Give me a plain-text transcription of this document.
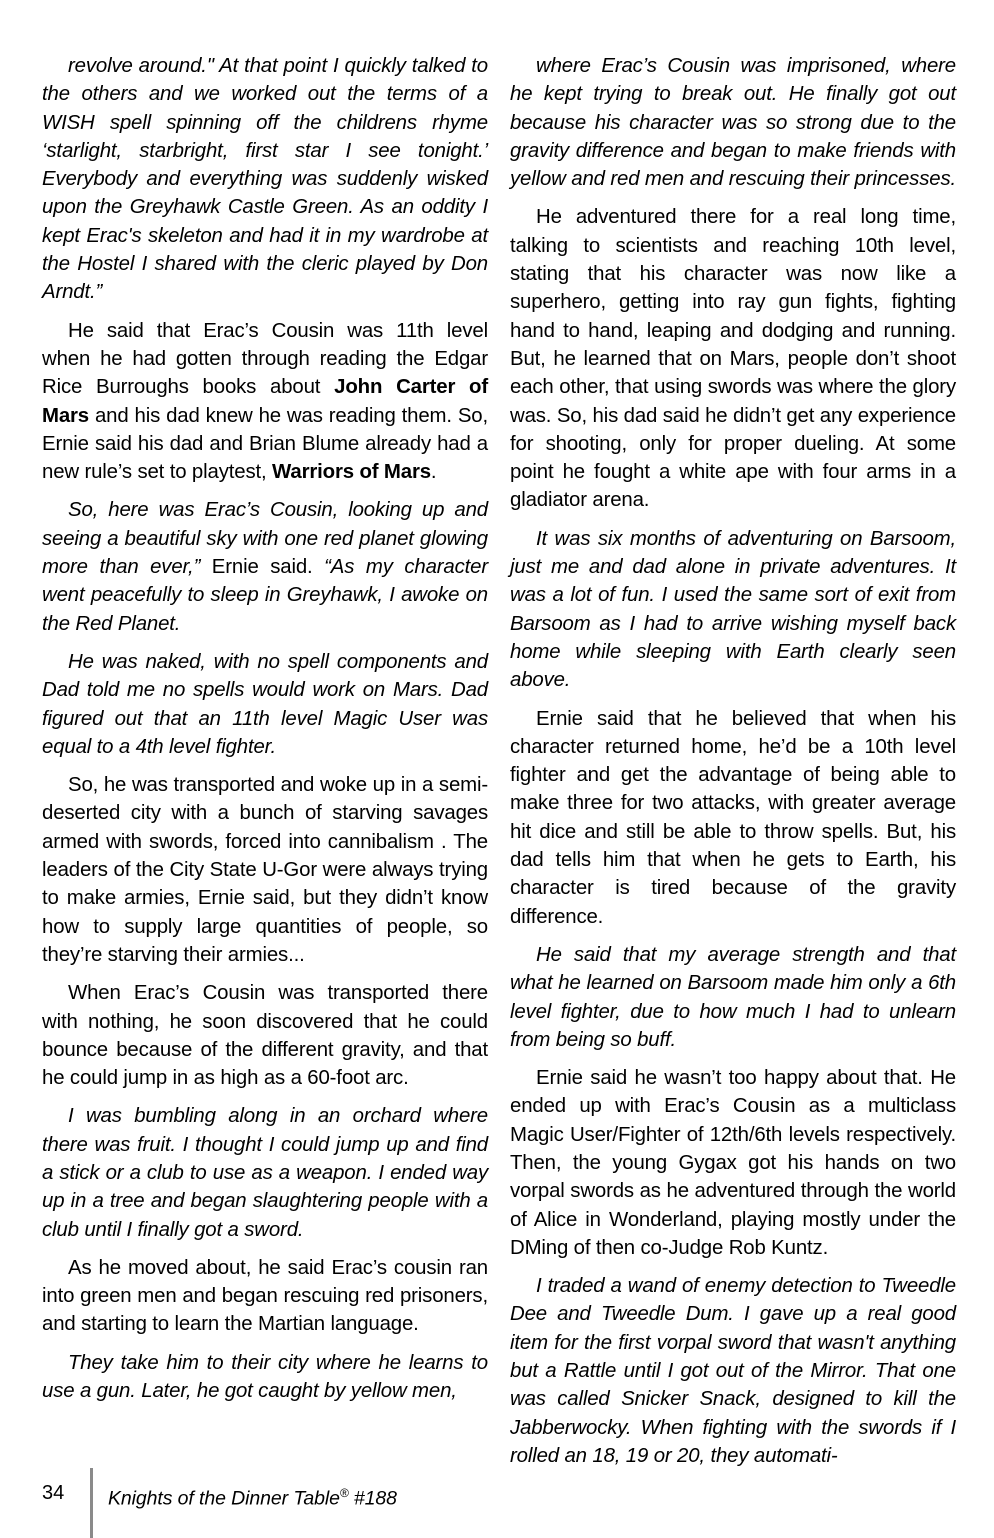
revolve around." At that point I quickly talked to the others and we worked out the terms of a WISH spell spinning off the childrens rhyme ‘starlight, starbright, first star I see tonight.’ Everybody and everything was suddenly wisked upon the Greyhawk Castle Green. As an oddity I kept Erac's skeleton and had it in my wardrobe at the Hostel I shared with the cleric played by Don Arndt.”

He said that Erac’s Cousin was 11th level when he had gotten through reading the Edgar Rice Burroughs books about John Carter of Mars and his dad knew he was reading them. So, Ernie said his dad and Brian Blume already had a new rule’s set to playtest, Warriors of Mars.

So, here was Erac’s Cousin, looking up and seeing a beautiful sky with one red planet glowing more than ever,” Ernie said. “As my character went peacefully to sleep in Greyhawk, I awoke on the Red Planet.

He was naked, with no spell components and Dad told me no spells would work on Mars. Dad figured out that an 11th level Magic User was equal to a 4th level fighter.

So, he was transported and woke up in a semi-deserted city with a bunch of starving savages armed with swords, forced into cannibalism . The leaders of the City State U-Gor were always trying to make armies, Ernie said, but they didn’t know how to supply large quantities of people, so they’re starving their armies...

When Erac’s Cousin was transported there with nothing, he soon discovered that he could bounce because of the different gravity, and that he could jump in as high as a 60-foot arc.

I was bumbling along in an orchard where there was fruit. I thought I could jump up and find a stick or a club to use as a weapon. I ended way up in a tree and began slaughtering people with a club until I finally got a sword.

As he moved about, he said Erac’s cousin ran into green men and began rescuing red prisoners, and starting to learn the Martian language.

They take him to their city where he learns to use a gun. Later, he got caught by yellow men,

where Erac’s Cousin was imprisoned, where he kept trying to break out. He finally got out because his character was so strong due to the gravity difference and began to make friends with yellow and red men and rescuing their princesses.

He adventured there for a real long time, talking to scientists and reaching 10th level, stating that his character was now like a superhero, getting into ray gun fights, fighting hand to hand, leaping and dodging and running. But, he learned that on Mars, people don’t shoot each other, that using swords was where the glory was. So, his dad said he didn’t get any experience for shooting, only for proper dueling. At some point he fought a white ape with four arms in a gladiator arena.

It was six months of adventuring on Barsoom, just me and dad alone in private adventures. It was a lot of fun. I used the same sort of exit from Barsoom as I had to arrive wishing myself back home while sleeping with Earth clearly seen above.

Ernie said that he believed that when his character returned home, he’d be a 10th level fighter and get the advantage of being able to make three for two attacks, with greater average hit dice and still be able to throw spells. But, his dad tells him that when he gets to Earth, his character is tired because of the gravity difference.

He said that my average strength and that what he learned on Barsoom made him only a 6th level fighter, due to how much I had to unlearn from being so buff.

Ernie said he wasn’t too happy about that. He ended up with Erac’s Cousin as a multiclass Magic User/Fighter of 12th/6th levels respectively. Then, the young Gygax got his hands on two vorpal swords as he adventured through the world of Alice in Wonderland, playing mostly under the DMing of then co-Judge Rob Kuntz.

I traded a wand of enemy detection to Tweedle Dee and Tweedle Dum. I gave up a real good item for the first vorpal sword that wasn't anything but a Rattle until I got out of the Mirror. That one was called Snicker Snack, designed to kill the Jabberwocky. When fighting with the swords if I rolled an 18, 19 or 20, they automati-

34	Knights of the Dinner Table® #188
